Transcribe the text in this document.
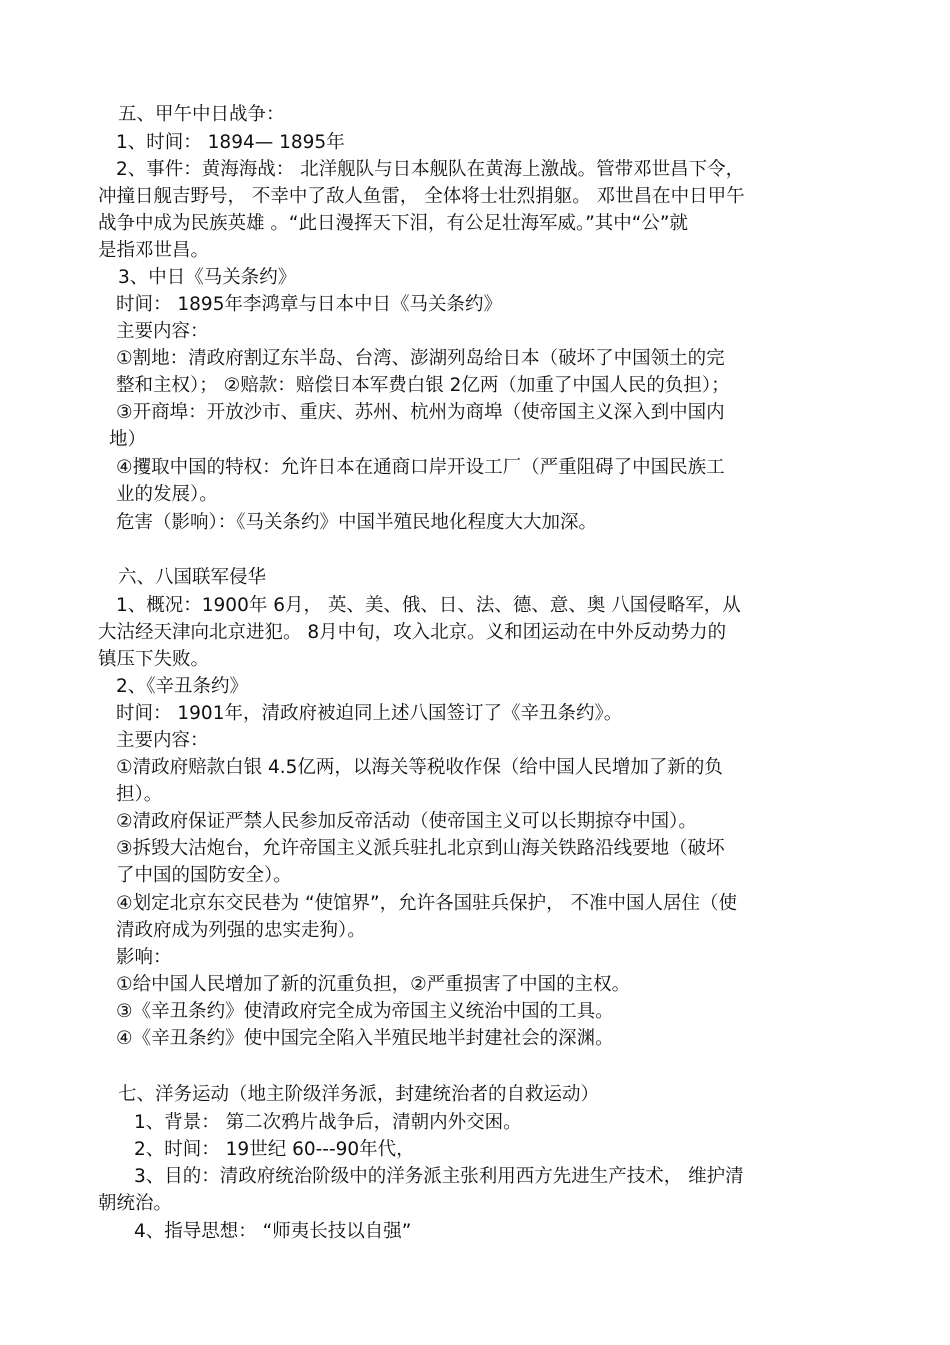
五、甲午中日战争：
1、时间： 1894— 1895年
2、事件：黄海海战： 北洋舰队与日本舰队在黄海上激战。管带邓世昌下令，
冲撞日舰吉野号， 不幸中了敌人鱼雷， 全体将士壮烈捐躯。 邓世昌在中日甲午
战争中成为民族英雄 。“此日漫挥天下泪，有公足壮海军威。”其中“公”就
是指邓世昌。
3、中日《马关条约》
时间： 1895年李鸿章与日本中日《马关条约》
主要内容：
①割地：清政府割辽东半岛、台湾、澎湖列岛给日本（破坏了中国领土的完
整和主权）； ②赔款：赔偿日本军费白银 2亿两（加重了中国人民的负担）；
③开商埠：开放沙市、重庆、苏州、杭州为商埠（使帝国主义深入到中国内
地）
④攫取中国的特权：允许日本在通商口岸开设工厂（严重阻碍了中国民族工
业的发展）。
危害（影响）：《马关条约》中国半殖民地化程度大大加深。
六、八国联军侵华
1、概况：1900年 6月， 英、美、俄、日、法、德、意、奥 八国侵略军，从
大沽经天津向北京进犯。 8月中旬，攻入北京。义和团运动在中外反动势力的
镇压下失败。
2、《辛丑条约》
时间： 1901年，清政府被迫同上述八国签订了《辛丑条约》。
主要内容：
①清政府赔款白银 4.5亿两，以海关等税收作保（给中国人民增加了新的负
担）。
②清政府保证严禁人民参加反帝活动（使帝国主义可以长期掠夺中国）。
③拆毁大沽炮台，允许帝国主义派兵驻扎北京到山海关铁路沿线要地（破坏
了中国的国防安全）。
④划定北京东交民巷为 “使馆界”，允许各国驻兵保护， 不准中国人居住（使
清政府成为列强的忠实走狗）。
影响：
①给中国人民增加了新的沉重负担，②严重损害了中国的主权。
③《辛丑条约》使清政府完全成为帝国主义统治中国的工具。
④《辛丑条约》使中国完全陷入半殖民地半封建社会的深渊。
七、洋务运动（地主阶级洋务派，封建统治者的自救运动）
1、背景： 第二次鸦片战争后，清朝内外交困。
2、时间： 19世纪 60---90年代，
3、目的：清政府统治阶级中的洋务派主张利用西方先进生产技术， 维护清
朝统治。
4、指导思想： “师夷长技以自强”
